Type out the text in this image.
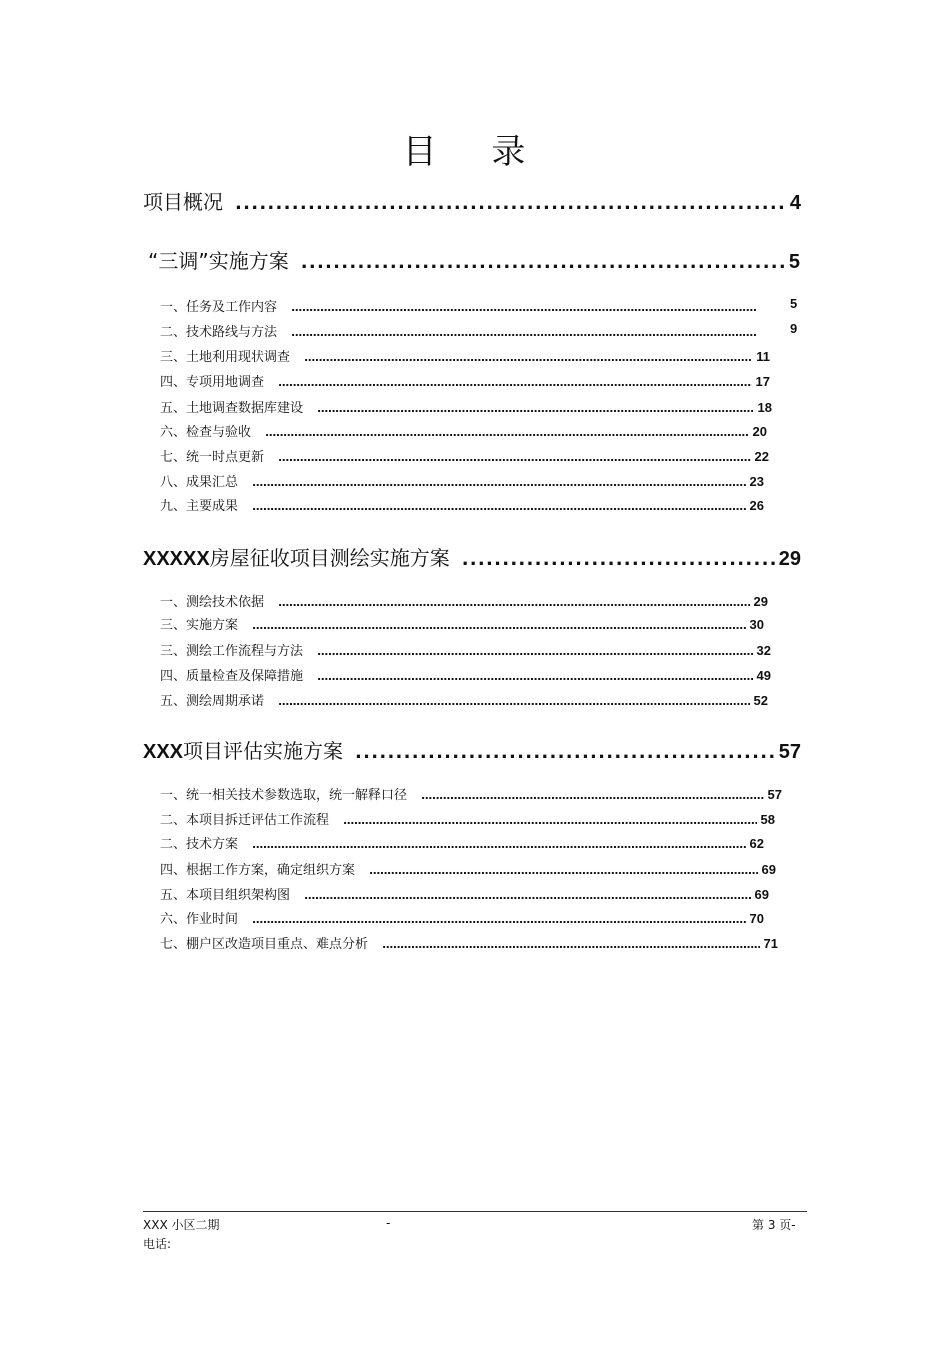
目 录
项目概况 . . .	4
“三调”实施方案 . . .	5
一、任务及工作内容 . . .	5
二、技术路线与方法 . . .	9
三、土地利用现状调查 . . .	11
四、专项用地调查 . . .	17
五、土地调查数据库建设 . . .	18
六、检查与验收 . . .	20
七、统一时点更新 . . .	22
八、成果汇总 . . .	23
九、主要成果 . . .	26
XXXXX房屋征收项目测绘实施方案 . . .	29
一、测绘技术依据 . . .	29
三、实施方案 . . .	30
三、测绘工作流程与方法 . . .	32
四、质量检查及保障措施 . . .	49
五、测绘周期承诺 . . .	52
XXX项目评估实施方案 . . .	57
一、统一相关技术参数选取，统一解释口径 . . .	57
二、本项目拆迁评估工作流程 . . .	58
二、技术方案 . . .	62
四、根据工作方案，确定组织方案 . . .	69
五、本项目组织架构图 . . .	69
六、作业时间 . . .	70
七、棚户区改造项目重点、难点分析 . . .	71
XXX 小区二期	-	第 3 页-
电话:
